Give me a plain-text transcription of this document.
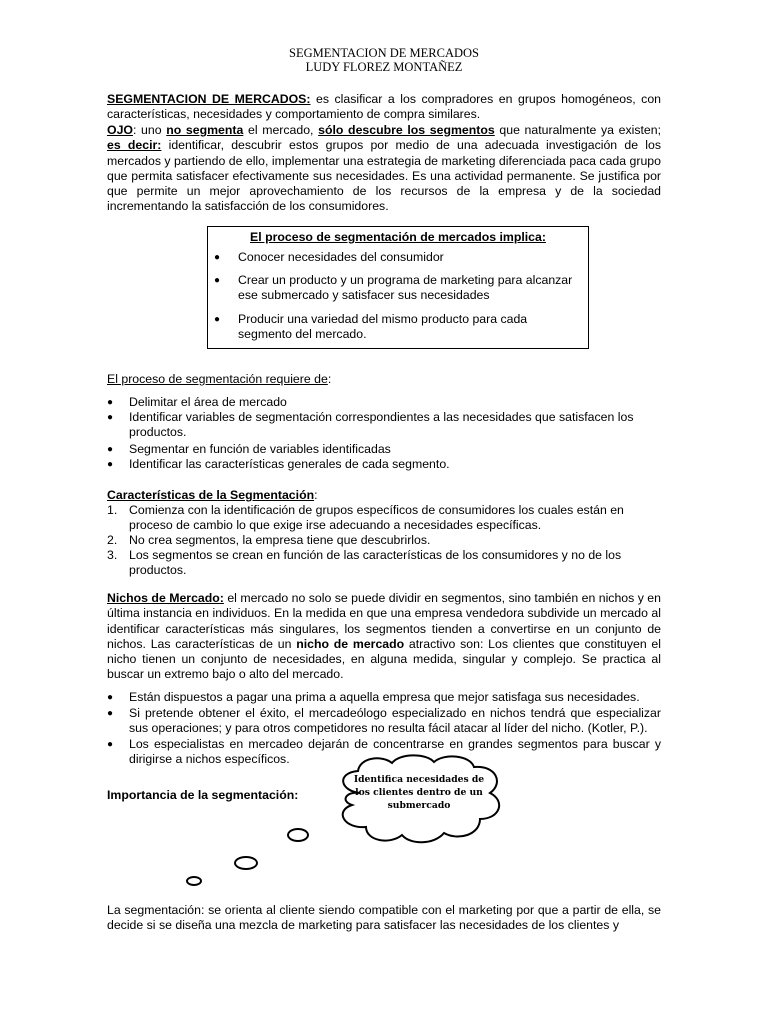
SEGMENTACION DE MERCADOS
LUDY FLOREZ MONTAÑEZ
SEGMENTACION DE MERCADOS: es clasificar a los compradores en grupos homogéneos, con características, necesidades y comportamiento de compra similares.
OJO: uno no segmenta el mercado, sólo descubre los segmentos que naturalmente ya existen; es decir: identificar, descubrir estos grupos por medio de una adecuada investigación de los mercados y partiendo de ello, implementar una estrategia de marketing diferenciada paca cada grupo que permita satisfacer efectivamente sus necesidades. Es una actividad permanente. Se justifica por que permite un mejor aprovechamiento de los recursos de la empresa y de la sociedad incrementando la satisfacción de los consumidores.
El proceso de segmentación de mercados implica:
● Conocer necesidades del consumidor
● Crear un producto y un programa de marketing para alcanzar ese submercado y satisfacer sus necesidades
● Producir una variedad del mismo producto para cada segmento del mercado.
El proceso de segmentación requiere de:
● Delimitar el área de mercado
● Identificar variables de segmentación correspondientes a las necesidades que satisfacen los productos.
● Segmentar en función de variables identificadas
● Identificar las características generales de cada segmento.
Características de la Segmentación:
1. Comienza con la identificación de grupos específicos de consumidores los cuales están en proceso de cambio lo que exige irse adecuando a necesidades específicas.
2. No crea segmentos, la empresa tiene que descubrirlos.
3. Los segmentos se crean en función de las características de los consumidores y no de los productos.
Nichos de Mercado: el mercado no solo se puede dividir en segmentos, sino también en nichos y en última instancia en individuos. En la medida en que una empresa vendedora subdivide un mercado al identificar características más singulares, los segmentos tienden a convertirse en un conjunto de nichos. Las características de un nicho de mercado atractivo son: Los clientes que constituyen el nicho tienen un conjunto de necesidades, en alguna medida, singular y complejo. Se practica al buscar un extremo bajo o alto del mercado.
● Están dispuestos a pagar una prima a aquella empresa que mejor satisfaga sus necesidades.
● Si pretende obtener el éxito, el mercadeólogo especializado en nichos tendrá que especializar sus operaciones; y para otros competidores no resulta fácil atacar al líder del nicho. (Kotler, P.).
● Los especialistas en mercadeo dejarán de concentrarse en grandes segmentos para buscar y dirigirse a nichos específicos.
Importancia de la segmentación:
La segmentación: se orienta al cliente siendo compatible con el marketing por que a partir de ella, se decide si se diseña una mezcla de marketing para satisfacer las necesidades de los clientes y
Identifica necesidades de los clientes dentro de un submercado
